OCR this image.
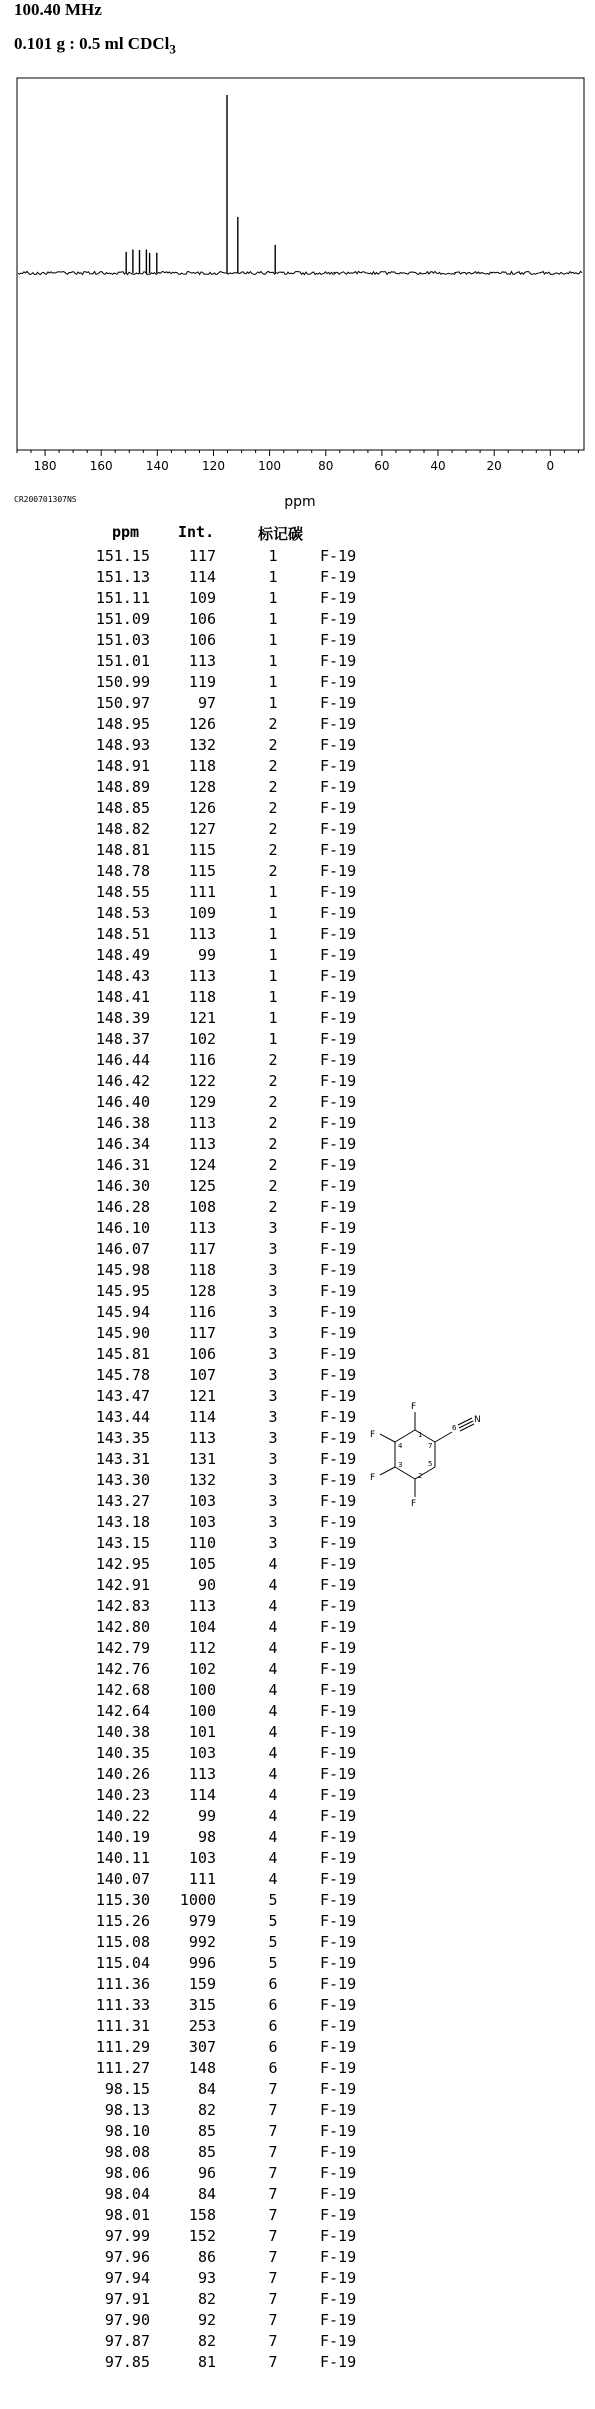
100.40 MHz
0.101 g : 0.5 ml CDCl$_3$
180	160	140	120	100	80	60	40	20	0
CR200701307NS	ppm
ppm	Int.	标记碳
151.15	117	1	F-19
151.13	114	1	F-19
151.11	109	1	F-19
151.09	106	1	F-19
151.03	106	1	F-19
151.01	113	1	F-19
150.99	119	1	F-19
150.97	97	1	F-19
148.95	126	2	F-19
148.93	132	2	F-19
148.91	118	2	F-19
148.89	128	2	F-19
148.85	126	2	F-19
148.82	127	2	F-19
148.81	115	2	F-19
148.78	115	2	F-19
148.55	111	1	F-19
148.53	109	1	F-19
148.51	113	1	F-19
148.49	99	1	F-19
148.43	113	1	F-19
148.41	118	1	F-19
148.39	121	1	F-19
148.37	102	1	F-19
146.44	116	2	F-19
146.42	122	2	F-19
146.40	129	2	F-19
146.38	113	2	F-19
146.34	113	2	F-19
146.31	124	2	F-19
146.30	125	2	F-19
146.28	108	2	F-19
146.10	113	3	F-19
146.07	117	3	F-19
145.98	118	3	F-19
145.95	128	3	F-19
145.94	116	3	F-19
145.90	117	3	F-19
145.81	106	3	F-19
145.78	107	3	F-19
143.47	121	3	F-19
143.44	114	3	F-19
143.35	113	3	F-19
143.31	131	3	F-19
143.30	132	3	F-19
143.27	103	3	F-19
143.18	103	3	F-19
143.15	110	3	F-19
142.95	105	4	F-19
142.91	90	4	F-19
142.83	113	4	F-19
142.80	104	4	F-19
142.79	112	4	F-19
142.76	102	4	F-19
142.68	100	4	F-19
142.64	100	4	F-19
140.38	101	4	F-19
140.35	103	4	F-19
140.26	113	4	F-19
140.23	114	4	F-19
140.22	99	4	F-19
140.19	98	4	F-19
140.11	103	4	F-19
140.07	111	4	F-19
115.30	1000	5	F-19
115.26	979	5	F-19
115.08	992	5	F-19
115.04	996	5	F-19
111.36	159	6	F-19
111.33	315	6	F-19
111.31	253	6	F-19
111.29	307	6	F-19
111.27	148	6	F-19
98.15	84	7	F-19
98.13	82	7	F-19
98.10	85	7	F-19
98.08	85	7	F-19
98.06	96	7	F-19
98.04	84	7	F-19
98.01	158	7	F-19
97.99	152	7	F-19
97.96	86	7	F-19
97.94	93	7	F-19
97.91	82	7	F-19
97.90	92	7	F-19
97.87	82	7	F-19
97.85	81	7	F-19
F
F
F
F
N
1
2
3
4
5
6
7
